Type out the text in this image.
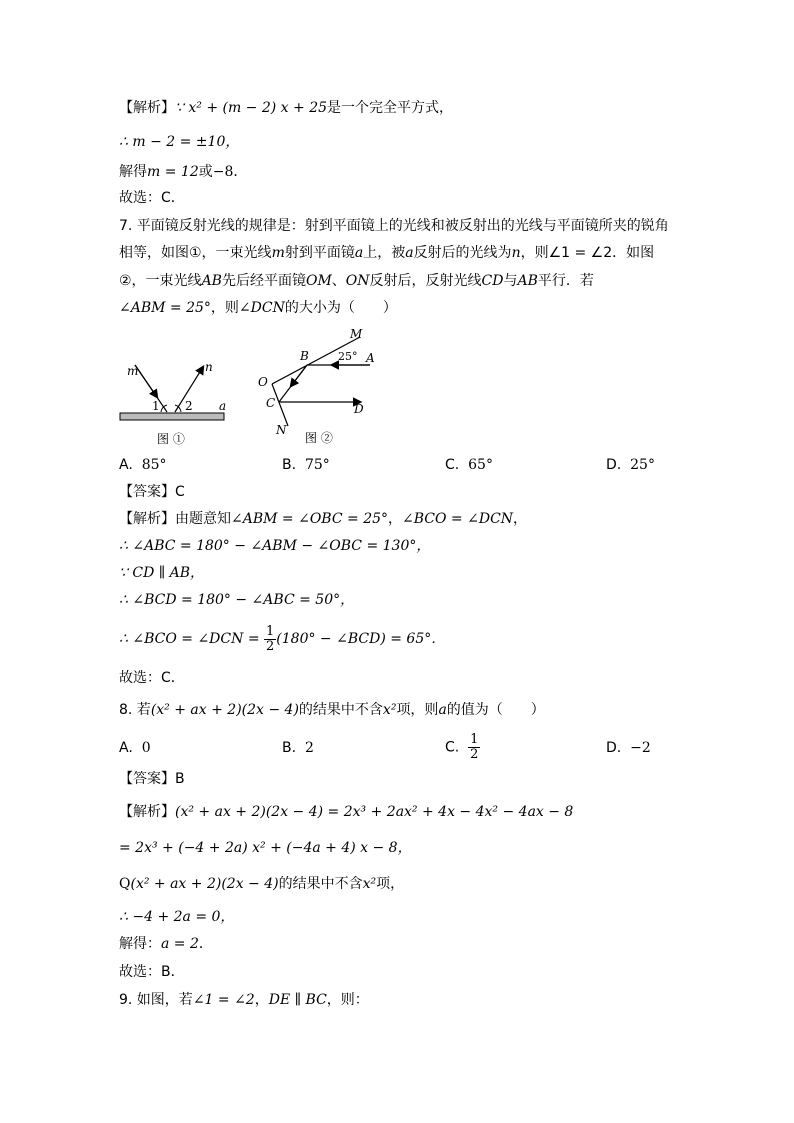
【解析】∵ x² + (m − 2) x + 25是一个完全平方式，
∴ m − 2 = ±10，
解得m = 12或−8．
故选：C．
7. 平面镜反射光线的规律是：射到平面镜上的光线和被反射出的光线与平面镜所夹的锐角
相等，如图①，一束光线m射到平面镜a上，被a反射后的光线为n，则∠1 = ∠2．如图
②，一束光线AB先后经平面镜OM、ON反射后，反射光线CD与AB平行．若
∠ABM = 25°，则∠DCN的大小为（　　）
m	n
1 2 a
图 ①
M
B	25° A
O
C	D
N
图 ②
A. 85°	B. 75°	C. 65°	D. 25°
【答案】C
【解析】由题意知∠ABM = ∠OBC = 25°，∠BCO = ∠DCN，
∴ ∠ABC = 180° − ∠ABM − ∠OBC = 130°，
∵ CD ∥ AB，
∴ ∠BCD = 180° − ∠ABC = 50°，
∴ ∠BCO = ∠DCN = $\frac{1}{2} (180^\circ$ − ∠BCD) = 65°．
故选：C．
8. 若(x² + ax + 2)(2x − 4)的结果中不含x²项，则a的值为（　　）
A. 0	B. 2	C. $\frac{1}{2}$	D. −2
【答案】B
【解析】(x² + ax + 2)(2x − 4) = 2x³ + 2ax² + 4x − 4x² − 4ax − 8
= 2x³ + (−4 + 2a) x² + (−4a + 4) x − 8，
Q(x² + ax + 2)(2x − 4)的结果中不含x²项，
∴ −4 + 2a = 0，
解得：a = 2．
故选：B．
9. 如图，若∠1 = ∠2，DE ∥ BC，则：
